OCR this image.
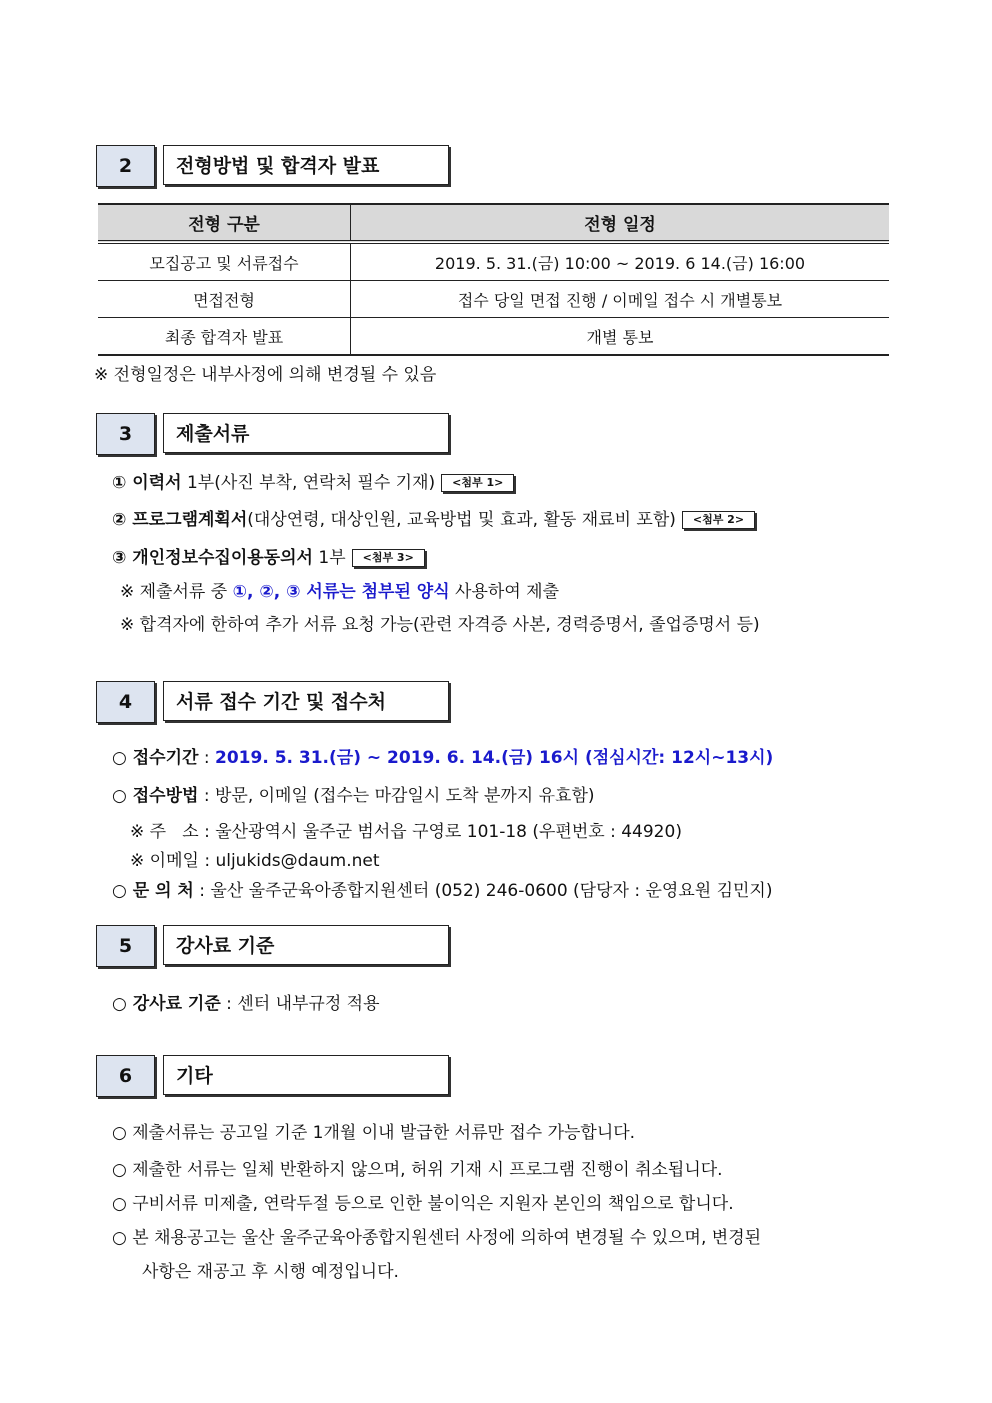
2	전형방법 및 합격자 발표
전형 구분	전형 일정
모집공고 및 서류접수	2019. 5. 31.(금) 10:00 ~ 2019. 6 14.(금) 16:00
면접전형	접수 당일 면접 진행 / 이메일 접수 시 개별통보
최종 합격자 발표	개별 통보
※ 전형일정은 내부사정에 의해 변경될 수 있음
3	제출서류
① 이력서 1부(사진 부착, 연락처 필수 기재) <첨부 1>
② 프로그램계획서(대상연령, 대상인원, 교육방법 및 효과, 활동 재료비 포함) <첨부 2>
③ 개인정보수집이용동의서 1부 <첨부 3>
※ 제출서류 중 ①, ②, ③ 서류는 첨부된 양식 사용하여 제출
※ 합격자에 한하여 추가 서류 요청 가능(관련 자격증 사본, 경력증명서, 졸업증명서 등)
4	서류 접수 기간 및 접수처
○ 접수기간 : 2019. 5. 31.(금) ~ 2019. 6. 14.(금) 16시 (점심시간: 12시~13시)
○ 접수방법 : 방문, 이메일 (접수는 마감일시 도착 분까지 유효함)
※ 주   소 : 울산광역시 울주군 범서읍 구영로 101-18 (우편번호 : 44920)
※ 이메일 : uljukids@daum.net
○ 문 의 처 : 울산 울주군육아종합지원센터 (052) 246-0600 (담당자 : 운영요원 김민지)
5	강사료 기준
○ 강사료 기준 : 센터 내부규정 적용
6	기타
○ 제출서류는 공고일 기준 1개월 이내 발급한 서류만 접수 가능합니다.
○ 제출한 서류는 일체 반환하지 않으며, 허위 기재 시 프로그램 진행이 취소됩니다.
○ 구비서류 미제출, 연락두절 등으로 인한 불이익은 지원자 본인의 책임으로 합니다.
○ 본 채용공고는 울산 울주군육아종합지원센터 사정에 의하여 변경될 수 있으며, 변경된
사항은 재공고 후 시행 예정입니다.
